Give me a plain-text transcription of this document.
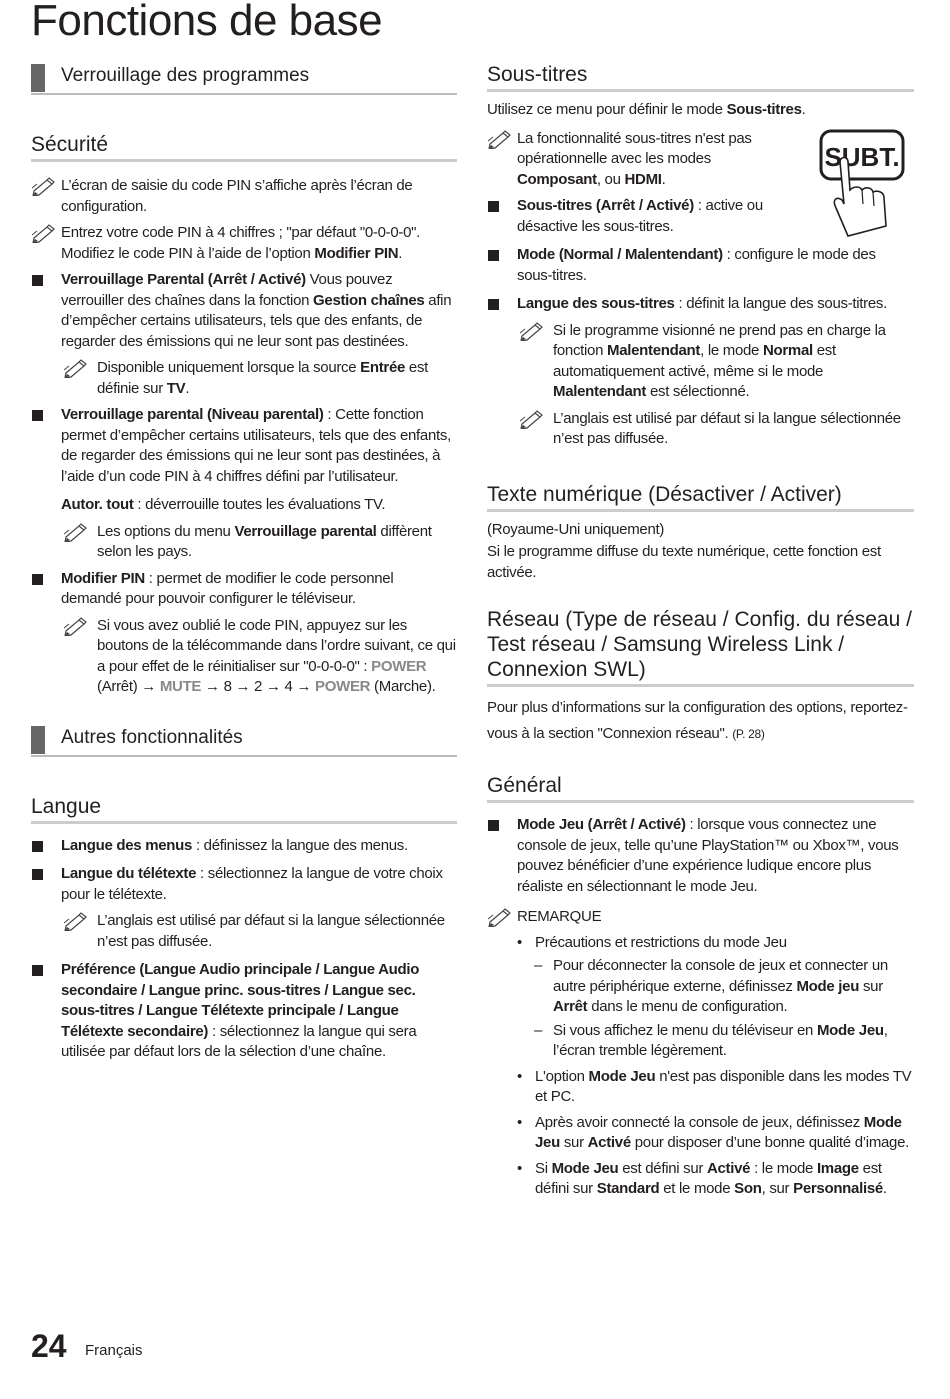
Fonctions de base
Verrouillage des programmes
Sécurité
L’écran de saisie du code PIN s’affiche après l’écran de configuration.
Entrez votre code PIN à 4 chiffres ; "par défaut "0-0-0-0". Modifiez le code PIN à l’aide de l’option Modifier PIN.
Verrouillage Parental (Arrêt / Activé) Vous pouvez verrouiller des chaînes dans la fonction Gestion chaînes afin d’empêcher certains utilisateurs, tels que des enfants, de regarder des émissions qui ne leur sont pas destinées.
Disponible uniquement lorsque la source Entrée est définie sur TV.
Verrouillage parental (Niveau parental) : Cette fonction permet d’empêcher certains utilisateurs, tels que des enfants, de regarder des émissions qui ne leur sont pas destinées, à l’aide d’un code PIN à 4 chiffres défini par l’utilisateur.
Autor. tout : déverrouille toutes les évaluations TV.
Les options du menu Verrouillage parental diffèrent selon les pays.
Modifier PIN : permet de modifier le code personnel demandé pour pouvoir configurer le téléviseur.
Si vous avez oublié le code PIN, appuyez sur les boutons de la télécommande dans l’ordre suivant, ce qui a pour effet de le réinitialiser sur "0-0-0-0" : POWER (Arrêt) → MUTE → 8 → 2 → 4 → POWER (Marche).
Autres fonctionnalités
Langue
Langue des menus : définissez la langue des menus.
Langue du télétexte : sélectionnez la langue de votre choix pour le télétexte.
L’anglais est utilisé par défaut si la langue sélectionnée n’est pas diffusée.
Préférence (Langue Audio principale / Langue Audio secondaire / Langue princ. sous-titres / Langue sec. sous-titres / Langue Télétexte principale / Langue Télétexte secondaire) : sélectionnez la langue qui sera utilisée par défaut lors de la sélection d’une chaîne.
Sous-titres

Utilisez ce menu pour définir le mode Sous-titres.

La fonctionnalité sous-titres n'est pas opérationnelle avec les modes Composant, ou HDMI.
Sous-titres (Arrêt / Activé) : active ou désactive les sous-titres.
Mode (Normal / Malentendant) : configure le mode des sous-titres.
Langue des sous-titres : définit la langue des sous-titres.
Si le programme visionné ne prend pas en charge la fonction Malentendant, le mode Normal est automatiquement activé, même si le mode Malentendant est sélectionné.
L’anglais est utilisé par défaut si la langue sélectionnée n’est pas diffusée.
Texte numérique (Désactiver / Activer)

(Royaume-Uni uniquement)

Si le programme diffuse du texte numérique, cette fonction est activée.

Réseau (Type de réseau / Config. du réseau / Test réseau / Samsung Wireless Link / Connexion SWL)

Pour plus d’informations sur la configuration des options, reportez-vous à la section "Connexion réseau". (P. 28)

Général
Mode Jeu (Arrêt / Activé) : lorsque vous connectez une console de jeux, telle qu’une PlayStation™ ou Xbox™, vous pouvez bénéficier d’une expérience ludique encore plus réaliste en sélectionnant le mode Jeu.
REMARQUE
• Précautions et restrictions du mode Jeu
– Pour déconnecter la console de jeux et connecter un autre périphérique externe, définissez Mode jeu sur Arrêt dans le menu de configuration.
– Si vous affichez le menu du téléviseur en Mode Jeu, l’écran tremble légèrement.
• L'option Mode Jeu n'est pas disponible dans les modes TV et PC.
• Après avoir connecté la console de jeux, définissez Mode Jeu sur Activé pour disposer d’une bonne qualité d’image.
• Si Mode Jeu est défini sur Activé : le mode Image est défini sur Standard et le mode Son, sur Personnalisé.
SUBT.
24 Français
